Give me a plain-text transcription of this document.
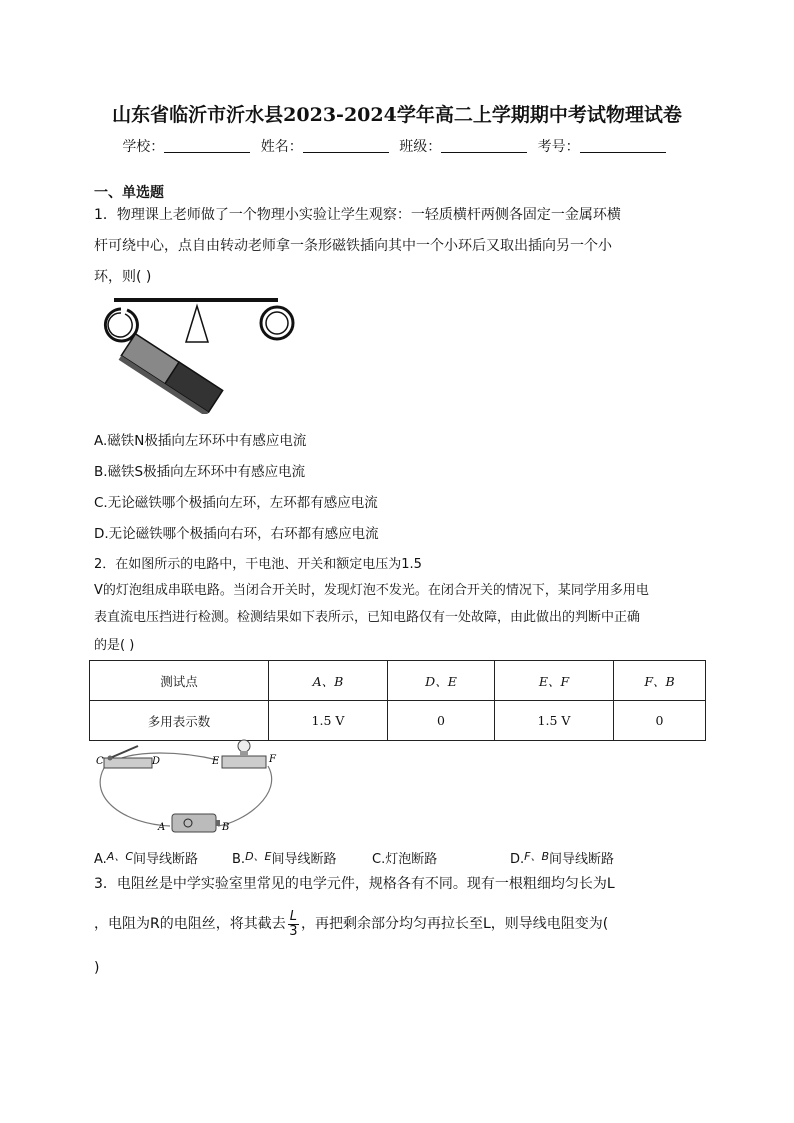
山东省临沂市沂水县2023-2024学年高二上学期期中考试物理试卷
学校：	姓名：	班级：	考号：
一、单选题
1．物理课上老师做了一个物理小实验让学生观察：一轻质横杆两侧各固定一金属环横
杆可绕中心，点自由转动老师拿一条形磁铁插向其中一个小环后又取出插向另一个小
环，则( )
A.磁铁N极插向左环环中有感应电流
B.磁铁S极插向左环环中有感应电流
C.无论磁铁哪个极插向左环，左环都有感应电流
D.无论磁铁哪个极插向右环，右环都有感应电流
2．在如图所示的电路中，干电池、开关和额定电压为1.5
V的灯泡组成串联电路。当闭合开关时，发现灯泡不发光。在闭合开关的情况下，某同学用多用电
表直流电压挡进行检测。检测结果如下表所示，已知电路仅有一处故障，由此做出的判断中正确
的是( )
测试点	A、B	D、E	E、F	F、B
多用表示数	1.5 V	0	1.5 V	0
C	D	E	F
A	B
A.$^{A、C}$间导线断路	B.$^{D、E}$间导线断路	C.灯泡断路	D.$^{F、B}$间导线断路
3．电阻丝是中学实验室里常见的电学元件，规格各有不同。现有一根粗细均匀长为L
，电阻为R的电阻丝，将其截去 $\frac{L}{3}$ ，再把剩余部分均匀再拉长至L，则导线电阻变为(
)
